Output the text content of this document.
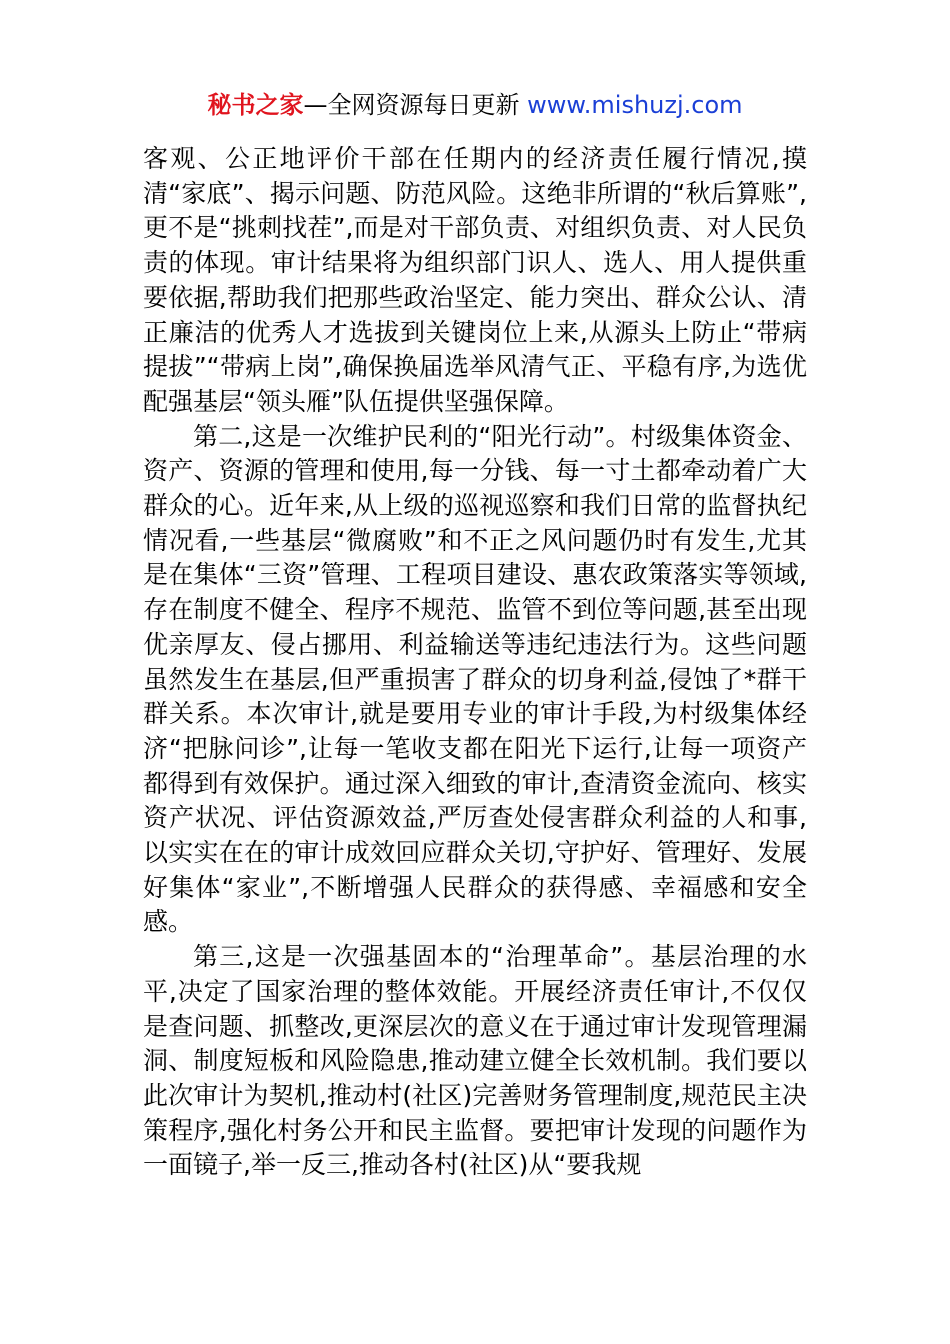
秘书之家—全网资源每日更新 www.mishuzj.com

客观、公正地评价干部在任期内的经济责任履行情况,摸清“家底”、揭示问题、防范风险。这绝非所谓的“秋后算账”,更不是“挑刺找茬”,而是对干部负责、对组织负责、对人民负责的体现。审计结果将为组织部门识人、选人、用人提供重要依据,帮助我们把那些政治坚定、能力突出、群众公认、清正廉洁的优秀人才选拔到关键岗位上来,从源头上防止“带病提拔”“带病上岗”,确保换届选举风清气正、平稳有序,为选优配强基层“领头雁”队伍提供坚强保障。

第二,这是一次维护民利的“阳光行动”。村级集体资金、资产、资源的管理和使用,每一分钱、每一寸土都牵动着广大群众的心。近年来,从上级的巡视巡察和我们日常的监督执纪情况看,一些基层“微腐败”和不正之风问题仍时有发生,尤其是在集体“三资”管理、工程项目建设、惠农政策落实等领域,存在制度不健全、程序不规范、监管不到位等问题,甚至出现优亲厚友、侵占挪用、利益输送等违纪违法行为。这些问题虽然发生在基层,但严重损害了群众的切身利益,侵蚀了*群干群关系。本次审计,就是要用专业的审计手段,为村级集体经济“把脉问诊”,让每一笔收支都在阳光下运行,让每一项资产都得到有效保护。通过深入细致的审计,查清资金流向、核实资产状况、评估资源效益,严厉查处侵害群众利益的人和事,以实实在在的审计成效回应群众关切,守护好、管理好、发展好集体“家业”,不断增强人民群众的获得感、幸福感和安全感。

第三,这是一次强基固本的“治理革命”。基层治理的水平,决定了国家治理的整体效能。开展经济责任审计,不仅仅是查问题、抓整改,更深层次的意义在于通过审计发现管理漏洞、制度短板和风险隐患,推动建立健全长效机制。我们要以此次审计为契机,推动村(社区)完善财务管理制度,规范民主决策程序,强化村务公开和民主监督。要把审计发现的问题作为一面镜子,举一反三,推动各村(社区)从“要我规
